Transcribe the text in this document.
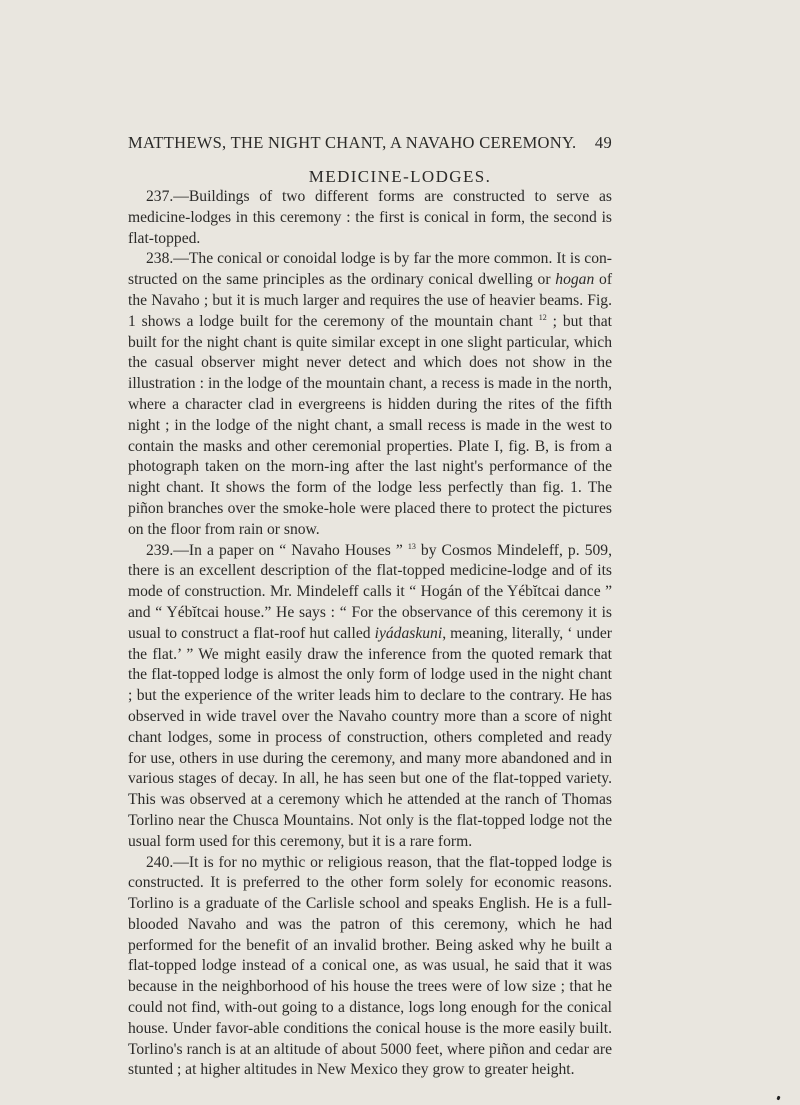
MATTHEWS, THE NIGHT CHANT, A NAVAHO CEREMONY. 49
MEDICINE-LODGES.

237.—Buildings of two different forms are constructed to serve as medicine-lodges in this ceremony : the first is conical in form, the second is flat-topped.

238.—The conical or conoidal lodge is by far the more common. It is con-structed on the same principles as the ordinary conical dwelling or hogan of the Navaho ; but it is much larger and requires the use of heavier beams. Fig. 1 shows a lodge built for the ceremony of the mountain chant $^{12}$ ; but that built for the night chant is quite similar except in one slight particular, which the casual observer might never detect and which does not show in the illustration : in the lodge of the mountain chant, a recess is made in the north, where a character clad in evergreens is hidden during the rites of the fifth night ; in the lodge of the night chant, a small recess is made in the west to contain the masks and other ceremonial properties. Plate I, fig. B, is from a photograph taken on the morn-ing after the last night's performance of the night chant. It shows the form of the lodge less perfectly than fig. 1. The piñon branches over the smoke-hole were placed there to protect the pictures on the floor from rain or snow.

239.—In a paper on “ Navaho Houses ” $^{13}$ by Cosmos Mindeleff, p. 509, there is an excellent description of the flat-topped medicine-lodge and of its mode of construction. Mr. Mindeleff calls it “ Hogán of the Yébĭtcai dance ” and “ Yébĭtcai house.” He says : “ For the observance of this ceremony it is usual to construct a flat-roof hut called iyádaskuni, meaning, literally, ‘ under the flat.’ ” We might easily draw the inference from the quoted remark that the flat-topped lodge is almost the only form of lodge used in the night chant ; but the experience of the writer leads him to declare to the contrary. He has observed in wide travel over the Navaho country more than a score of night chant lodges, some in process of construction, others completed and ready for use, others in use during the ceremony, and many more abandoned and in various stages of decay. In all, he has seen but one of the flat-topped variety. This was observed at a ceremony which he attended at the ranch of Thomas Torlino near the Chusca Mountains. Not only is the flat-topped lodge not the usual form used for this ceremony, but it is a rare form.

240.—It is for no mythic or religious reason, that the flat-topped lodge is constructed. It is preferred to the other form solely for economic reasons. Torlino is a graduate of the Carlisle school and speaks English. He is a full-blooded Navaho and was the patron of this ceremony, which he had performed for the benefit of an invalid brother. Being asked why he built a flat-topped lodge instead of a conical one, as was usual, he said that it was because in the neighborhood of his house the trees were of low size ; that he could not find, with-out going to a distance, logs long enough for the conical house. Under favor-able conditions the conical house is the more easily built. Torlino's ranch is at an altitude of about 5000 feet, where piñon and cedar are stunted ; at higher altitudes in New Mexico they grow to greater height.
